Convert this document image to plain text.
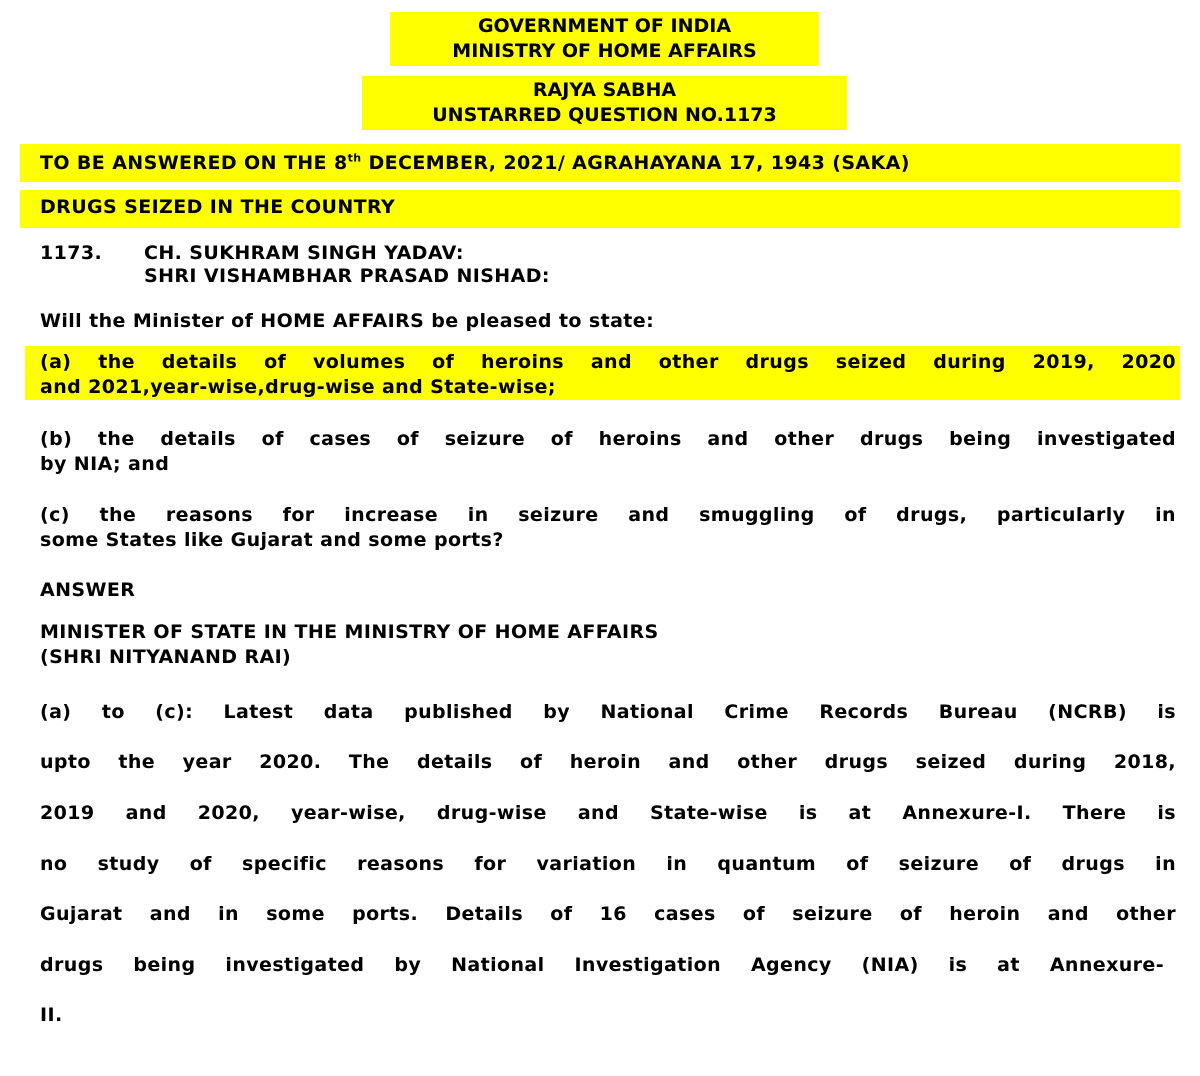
GOVERNMENT OF INDIA
MINISTRY OF HOME AFFAIRS
RAJYA SABHA
UNSTARRED QUESTION NO.1173
TO BE ANSWERED ON THE 8th DECEMBER, 2021/ AGRAHAYANA 17, 1943 (SAKA)
DRUGS SEIZED IN THE COUNTRY
1173. CH. SUKHRAM SINGH YADAV:
SHRI VISHAMBHAR PRASAD NISHAD:
Will the Minister of HOME AFFAIRS be pleased to state:
(a) the details of volumes of heroins and other drugs seized during 2019, 2020
and 2021,year-wise,drug-wise and State-wise;
(b) the details of cases of seizure of heroins and other drugs being investigated
by NIA; and
(c) the reasons for increase in seizure and smuggling of drugs, particularly in
some States like Gujarat and some ports?
ANSWER
MINISTER OF STATE IN THE MINISTRY OF HOME AFFAIRS
(SHRI NITYANAND RAI)
(a) to (c): Latest data published by National Crime Records Bureau (NCRB) is
upto the year 2020. The details of heroin and other drugs seized during 2018,
2019 and 2020, year-wise, drug-wise and State-wise is at Annexure-I. There is
no study of specific reasons for variation in quantum of seizure of drugs in
Gujarat and in some ports. Details of 16 cases of seizure of heroin and other
drugs being investigated by National Investigation Agency (NIA) is at Annexure-
II.
